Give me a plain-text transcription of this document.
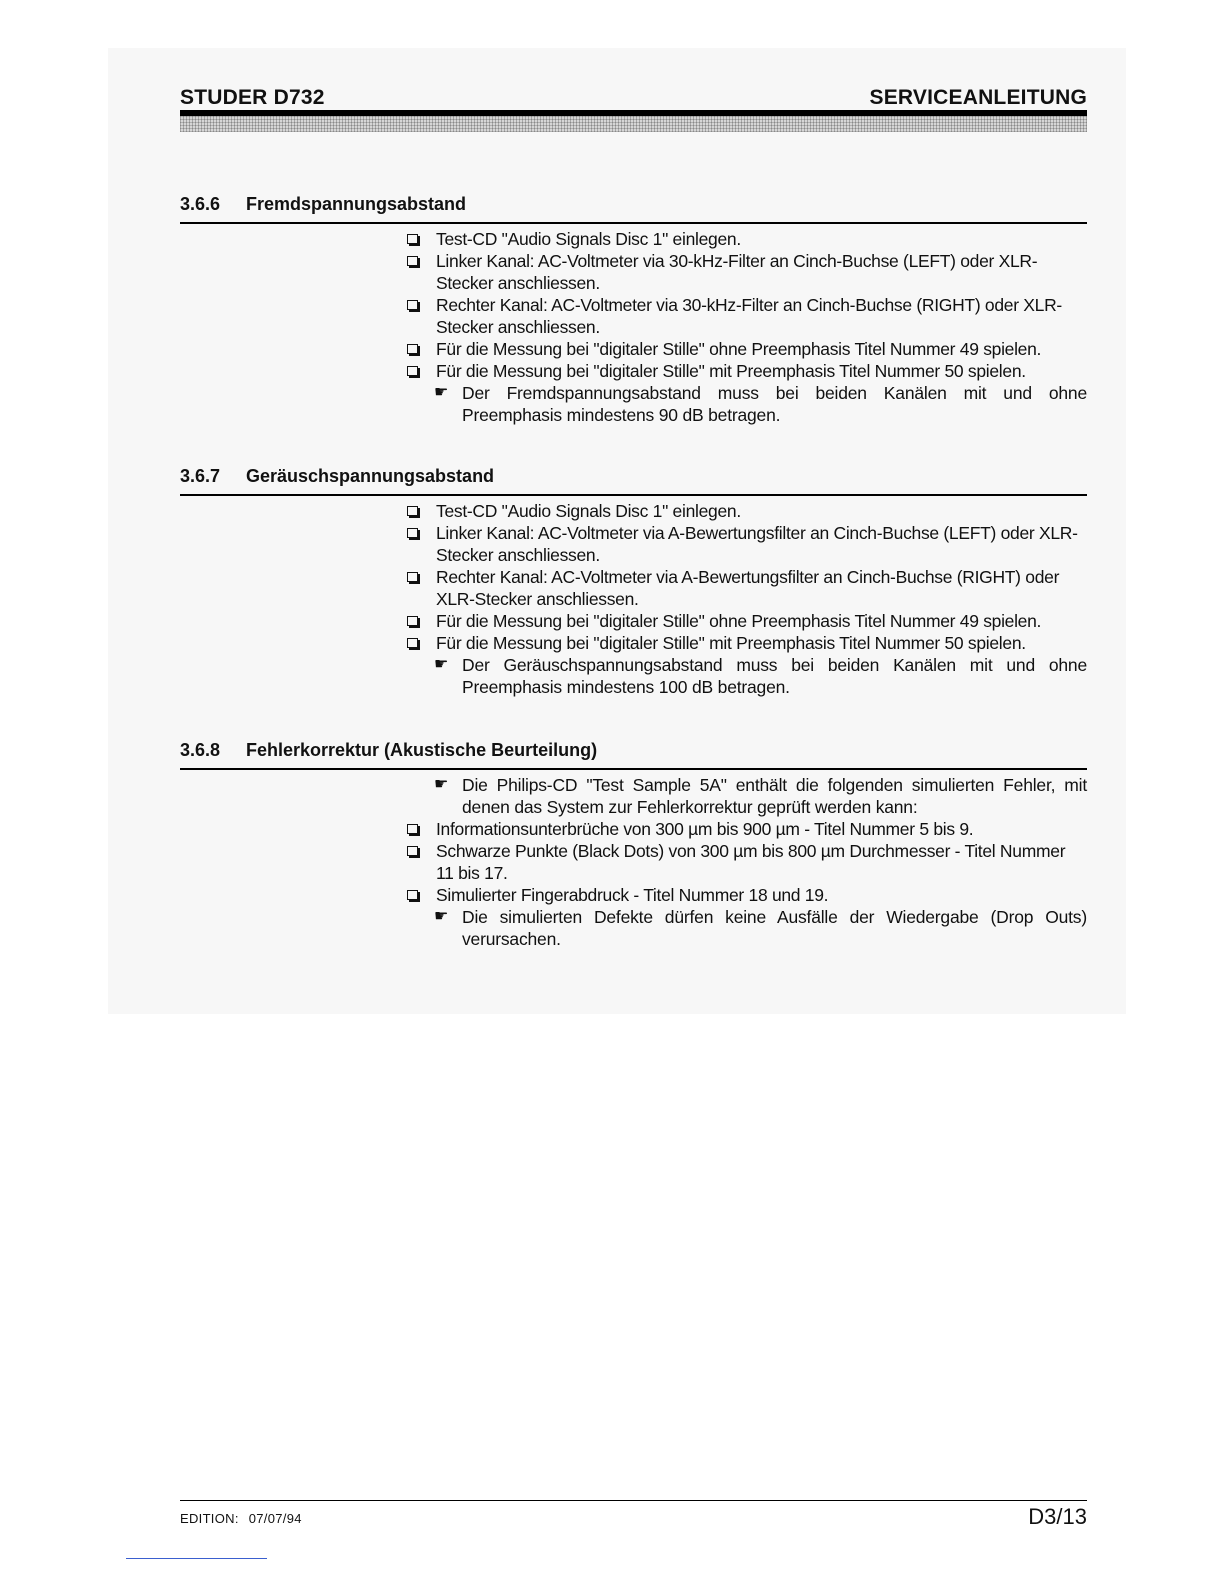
STUDER D732	SERVICEANLEITUNG
3.6.6 Fremdspannungsabstand
Test-CD "Audio Signals Disc 1" einlegen.
Linker Kanal: AC-Voltmeter via 30-kHz-Filter an Cinch-Buchse (LEFT) oder XLR-Stecker anschliessen.
Rechter Kanal: AC-Voltmeter via 30-kHz-Filter an Cinch-Buchse (RIGHT) oder XLR-Stecker anschliessen.
Für die Messung bei "digitaler Stille" ohne Preemphasis Titel Nummer 49 spielen.
Für die Messung bei "digitaler Stille" mit Preemphasis Titel Nummer 50 spielen.
☛ Der Fremdspannungsabstand muss bei beiden Kanälen mit und ohne Preemphasis mindestens 90 dB betragen.
3.6.7 Geräuschspannungsabstand
Test-CD "Audio Signals Disc 1" einlegen.
Linker Kanal: AC-Voltmeter via A-Bewertungsfilter an Cinch-Buchse (LEFT) oder XLR-Stecker anschliessen.
Rechter Kanal: AC-Voltmeter via A-Bewertungsfilter an Cinch-Buchse (RIGHT) oder XLR-Stecker anschliessen.
Für die Messung bei "digitaler Stille" ohne Preemphasis Titel Nummer 49 spielen.
Für die Messung bei "digitaler Stille" mit Preemphasis Titel Nummer 50 spielen.
☛ Der Geräuschspannungsabstand muss bei beiden Kanälen mit und ohne Preemphasis mindestens 100 dB betragen.
3.6.8 Fehlerkorrektur (Akustische Beurteilung)
☛ Die Philips-CD "Test Sample 5A" enthält die folgenden simulierten Fehler, mit denen das System zur Fehlerkorrektur geprüft werden kann:
Informationsunterbrüche von 300 µm bis 900 µm - Titel Nummer 5 bis 9.
Schwarze Punkte (Black Dots) von 300 µm bis 800 µm Durchmesser - Titel Nummer 11 bis 17.
Simulierter Fingerabdruck - Titel Nummer 18 und 19.
☛ Die simulierten Defekte dürfen keine Ausfälle der Wiedergabe (Drop Outs) verursachen.
EDITION: 07/07/94	D3/13
